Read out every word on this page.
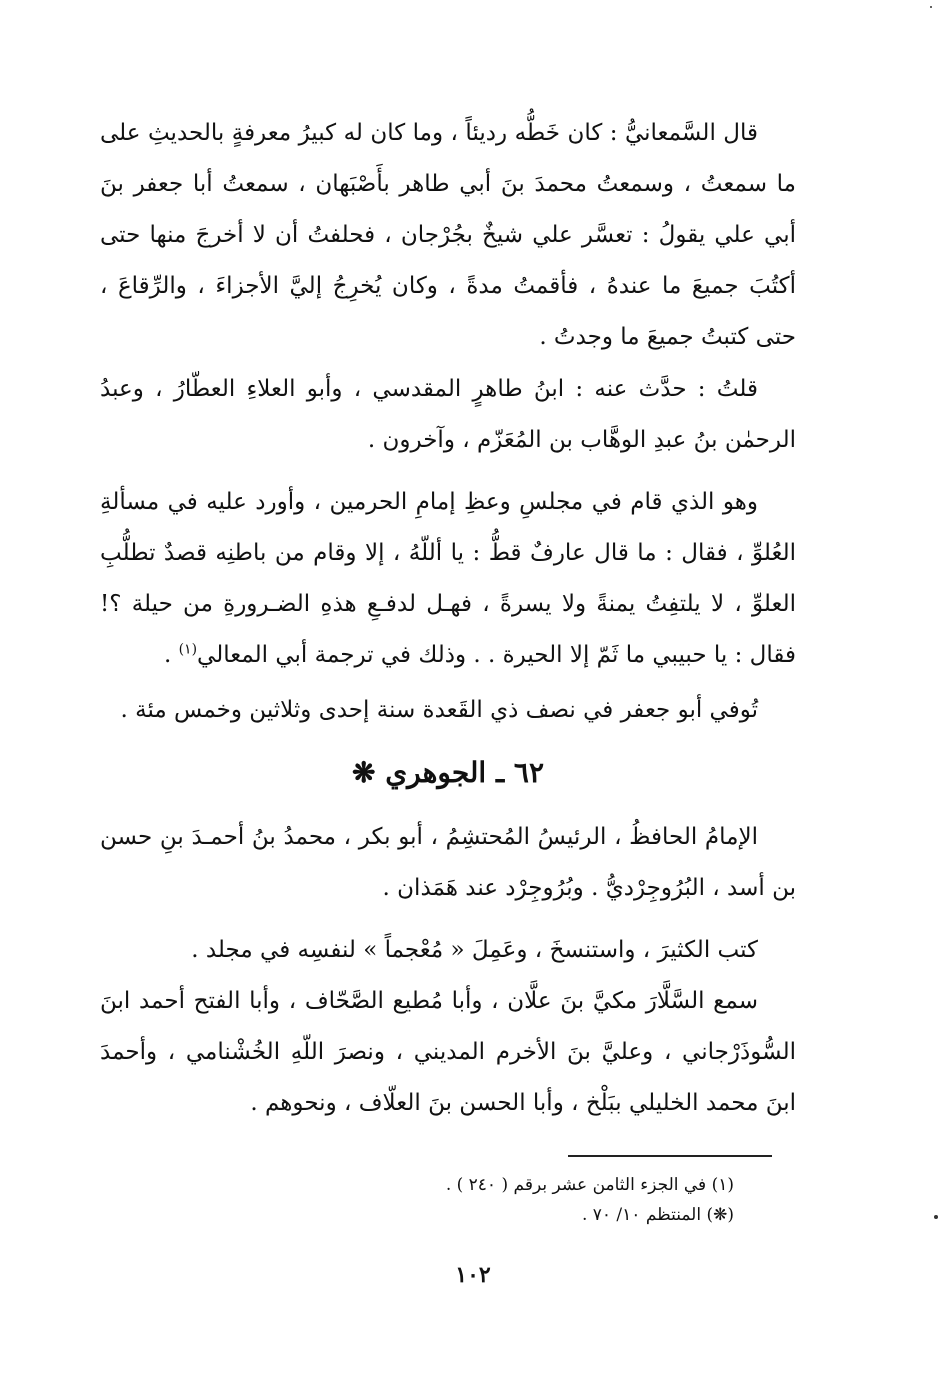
قال السَّمعانيُّ : كان خَطُّه رديئاً ، وما كان له كبيرُ معرفةٍ بالحديثِ على ما سمعتُ ، وسمعتُ محمدَ بنَ أبي طاهر بأَصْبَهان ، سمعتُ أبا جعفر بنَ أبي علي يقولُ : تعسَّر علي شيخٌ بجُرْجان ، فحلفتُ أن لا أخرجَ منها حتى أكتُبَ جميعَ ما عندهُ ، فأقمتُ مدةً ، وكان يُخرِجُ إليَّ الأجزاءَ ، والرِّقاعَ ، حتى كتبتُ جميعَ ما وجدتُ .

قلتُ : حدَّث عنه : ابنُ طاهرٍ المقدسي ، وأبو العلاءِ العطّارُ ، وعبدُ الرحمٰن بنُ عبدِ الوهَّاب بن المُعَزّم ، وآخرون .

وهو الذي قام في مجلسِ وعظِ إمامِ الحرمين ، وأورد عليه في مسألةِ العُلوِّ ، فقال : ما قال عارفٌ قطُّ : يا أللّهُ ، إلا وقام من باطنِه قصدٌ تطلُّبِ العلوِّ ، لا يلتفِتُ يمنةً ولا يسرةً ، فهـل لدفـعِ هذهِ الضـرورةِ من حيلة ؟! فقال : يا حبيبي ما ثَمّ إلا الحيرة . . وذلك في ترجمة أبي المعالي$^{(١)}$ .

تُوفي أبو جعفر في نصف ذي القَعدة سنة إحدى وثلاثين وخمس مئة .

٦٢ ـ الجوهري ❋

الإمامُ الحافظُ ، الرئيسُ المُحتشِمُ ، أبو بكر ، محمدُ بنُ أحمـدَ بنِ حسن بن أسد ، البُرُوجِرْديُّ . وبُرُوجِرْد عند هَمَذان .

كتب الكثيرَ ، واستنسخَ ، وعَمِلَ « مُعْجماً » لنفسِه في مجلد .

سمع السَّلَّارَ مكيَّ بنَ علَّان ، وأبا مُطيع الصَّحّاف ، وأبا الفتح أحمد ابنَ السُّوذَرْجاني ، وعليَّ بنَ الأخرم المديني ، ونصرَ اللّهِ الخُشْنامي ، وأحمدَ ابنَ محمد الخليلي ببَلْخ ، وأبا الحسن بنَ العلّاف ، ونحوهم .

(١) في الجزء الثامن عشر برقم ( ٢٤٠ ) .
(❋) المنتظم ١٠/ ٧٠ .
١٠٢
